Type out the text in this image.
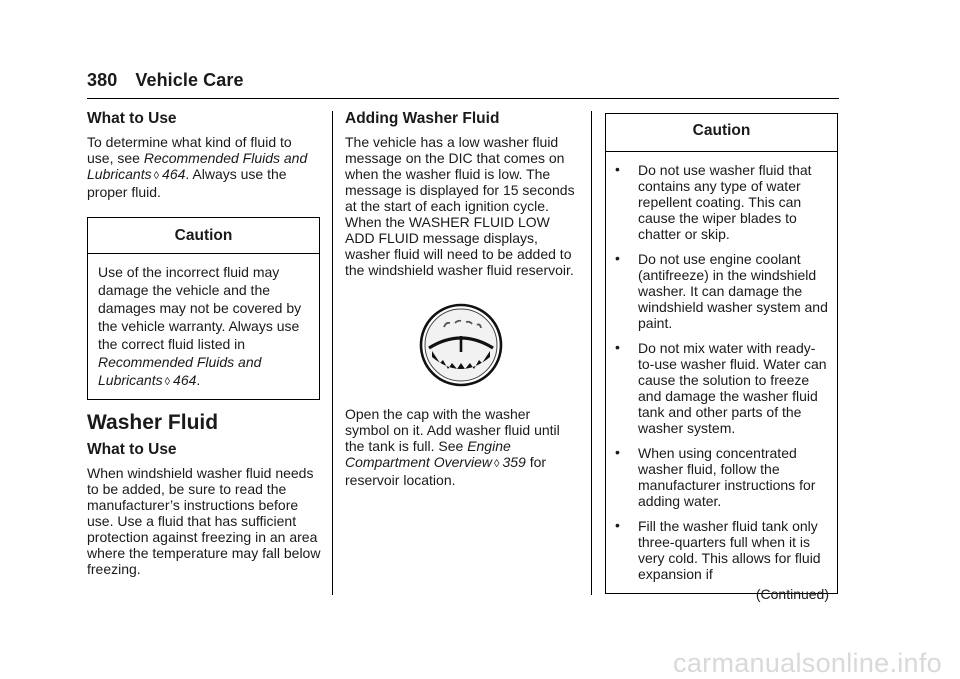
380 Vehicle Care
What to Use

To determine what kind of fluid to use, see Recommended Fluids and Lubricants ◊ 464. Always use the proper fluid.

Caution
Use of the incorrect fluid may damage the vehicle and the damages may not be covered by the vehicle warranty. Always use the correct fluid listed in Recommended Fluids and Lubricants ◊ 464.
Washer Fluid
What to Use

When windshield washer fluid needs to be added, be sure to read the manufacturer’s instructions before use. Use a fluid that has sufficient protection against freezing in an area where the temperature may fall below freezing.

Adding Washer Fluid

The vehicle has a low washer fluid message on the DIC that comes on when the washer fluid is low. The message is displayed for 15 seconds at the start of each ignition cycle. When the WASHER FLUID LOW ADD FLUID message displays, washer fluid will need to be added to the windshield washer fluid reservoir.

Open the cap with the washer symbol on it. Add washer fluid until the tank is full. See Engine Compartment Overview ◊ 359 for reservoir location.

Caution
• Do not use washer fluid that contains any type of water repellent coating. This can cause the wiper blades to chatter or skip.
• Do not use engine coolant (antifreeze) in the windshield washer. It can damage the windshield washer system and paint.
• Do not mix water with ready-to-use washer fluid. Water can cause the solution to freeze and damage the washer fluid tank and other parts of the washer system.
• When using concentrated washer fluid, follow the manufacturer instructions for adding water.
• Fill the washer fluid tank only three-quarters full when it is very cold. This allows for fluid expansion if
(Continued)
carmanualsonline.info
